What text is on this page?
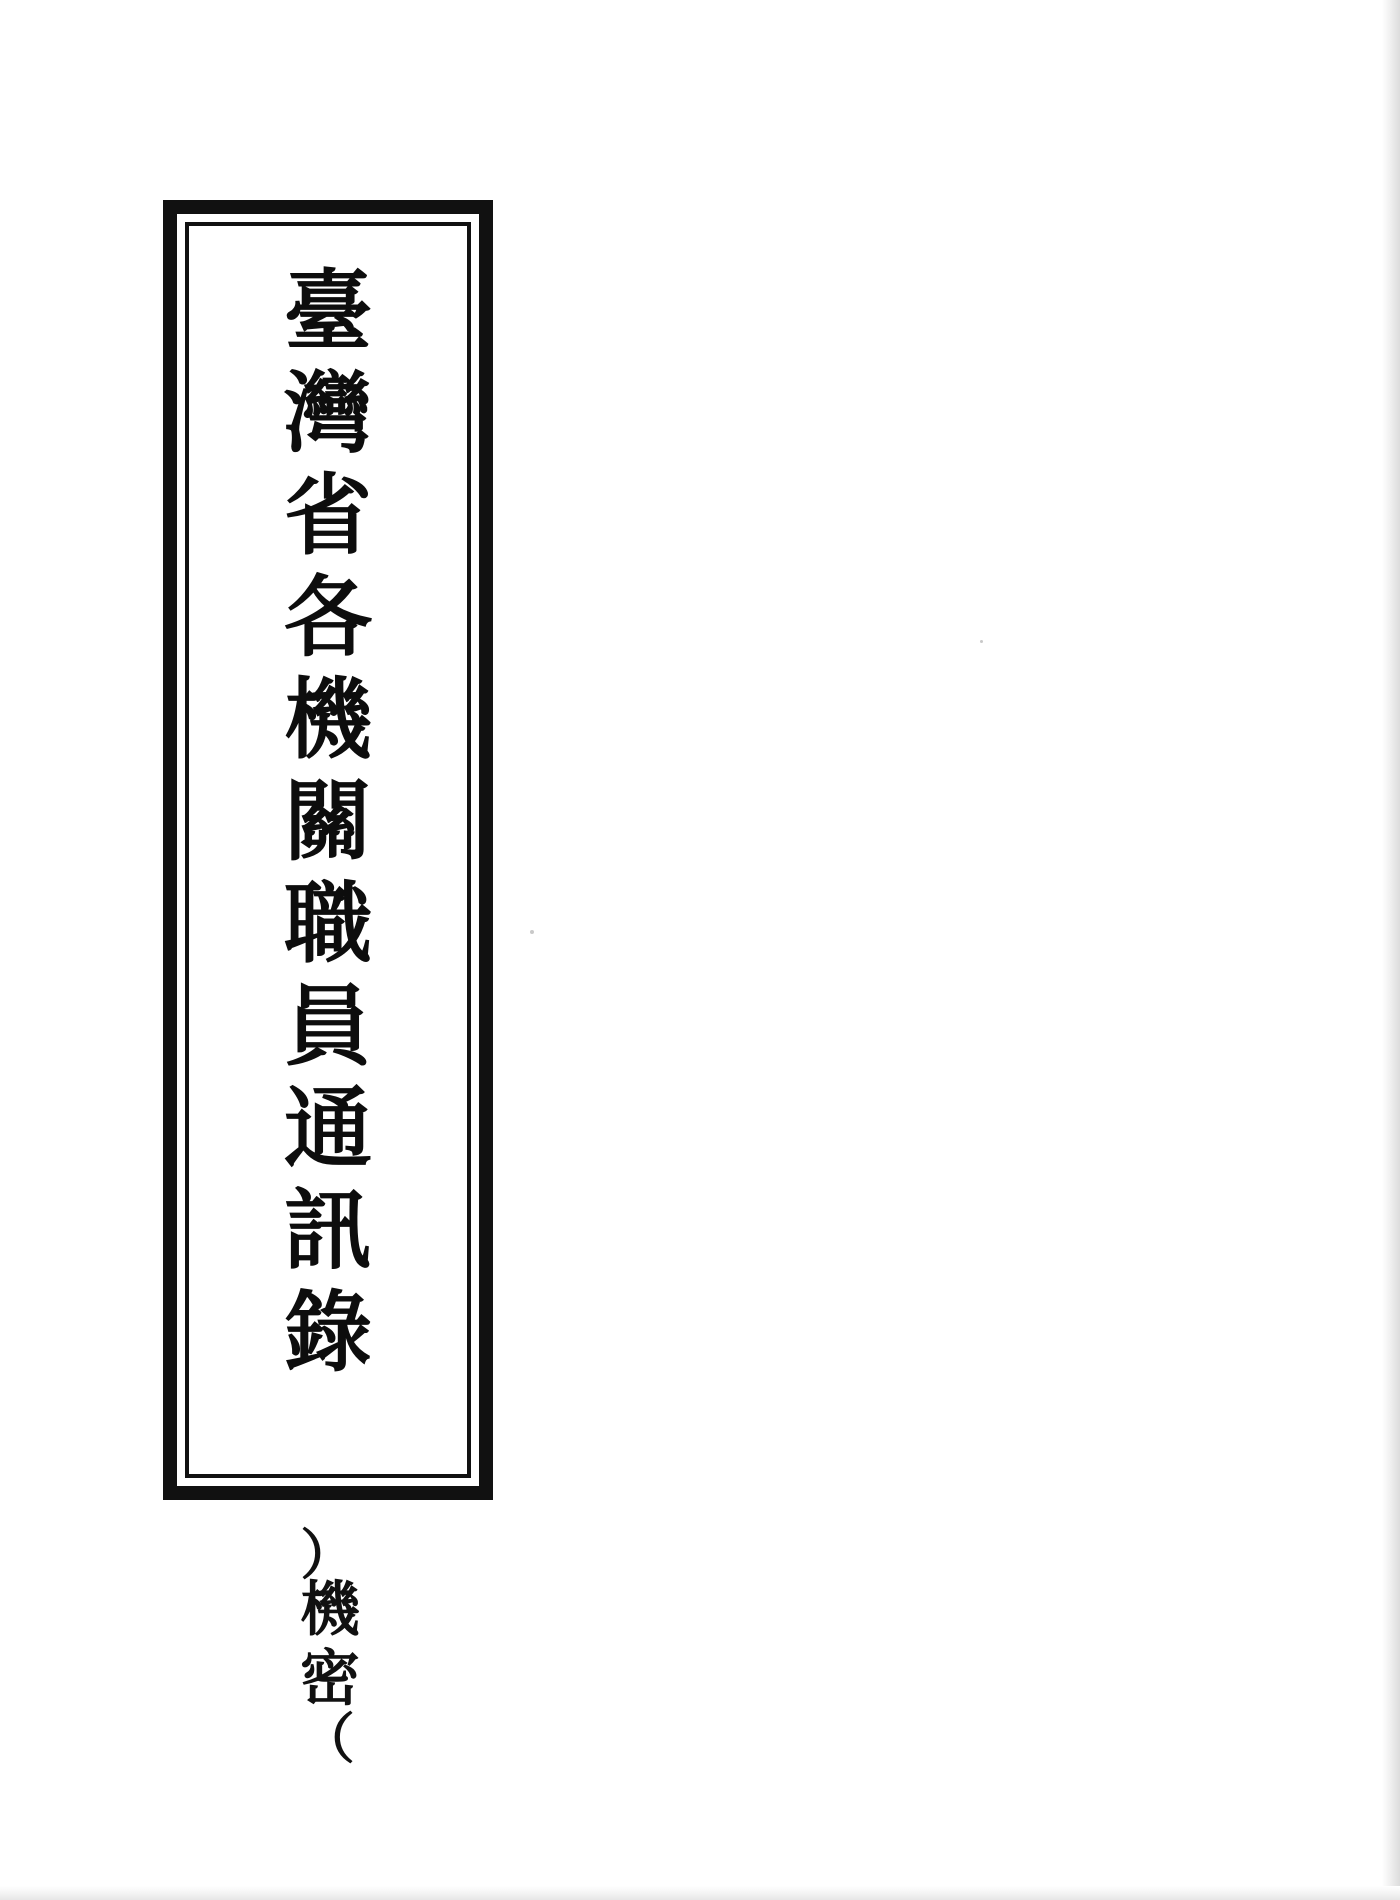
臺
灣
省
各
機
關
職
員
通
訊
錄
︵
機
密
︶
